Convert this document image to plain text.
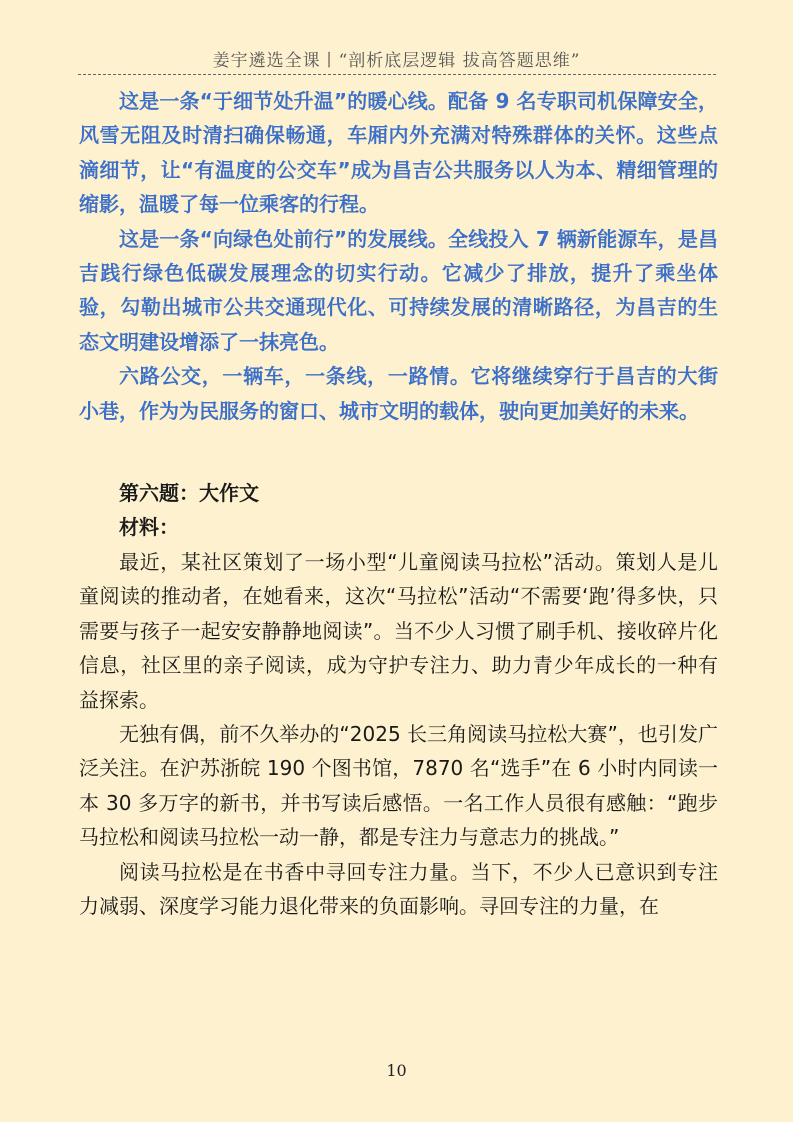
姜宇遴选全课丨“剖析底层逻辑 拔高答题思维”

这是一条“于细节处升温”的暖心线。配备 9 名专职司机保障安全，风雪无阻及时清扫确保畅通，车厢内外充满对特殊群体的关怀。这些点滴细节，让“有温度的公交车”成为昌吉公共服务以人为本、精细管理的缩影，温暖了每一位乘客的行程。

这是一条“向绿色处前行”的发展线。全线投入 7 辆新能源车，是昌吉践行绿色低碳发展理念的切实行动。它减少了排放，提升了乘坐体验，勾勒出城市公共交通现代化、可持续发展的清晰路径，为昌吉的生态文明建设增添了一抹亮色。

六路公交，一辆车，一条线，一路情。它将继续穿行于昌吉的大街小巷，作为为民服务的窗口、城市文明的载体，驶向更加美好的未来。

第六题：大作文

材料：

最近，某社区策划了一场小型“儿童阅读马拉松”活动。策划人是儿童阅读的推动者，在她看来，这次“马拉松”活动“不需要‘跑’得多快，只需要与孩子一起安安静静地阅读”。当不少人习惯了刷手机、接收碎片化信息，社区里的亲子阅读，成为守护专注力、助力青少年成长的一种有益探索。

无独有偶，前不久举办的“2025 长三角阅读马拉松大赛”，也引发广泛关注。在沪苏浙皖 190 个图书馆，7870 名“选手”在 6 小时内同读一本 30 多万字的新书，并书写读后感悟。一名工作人员很有感触：“跑步马拉松和阅读马拉松一动一静，都是专注力与意志力的挑战。”

阅读马拉松是在书香中寻回专注力量。当下，不少人已意识到专注力减弱、深度学习能力退化带来的负面影响。寻回专注的力量，在

10
